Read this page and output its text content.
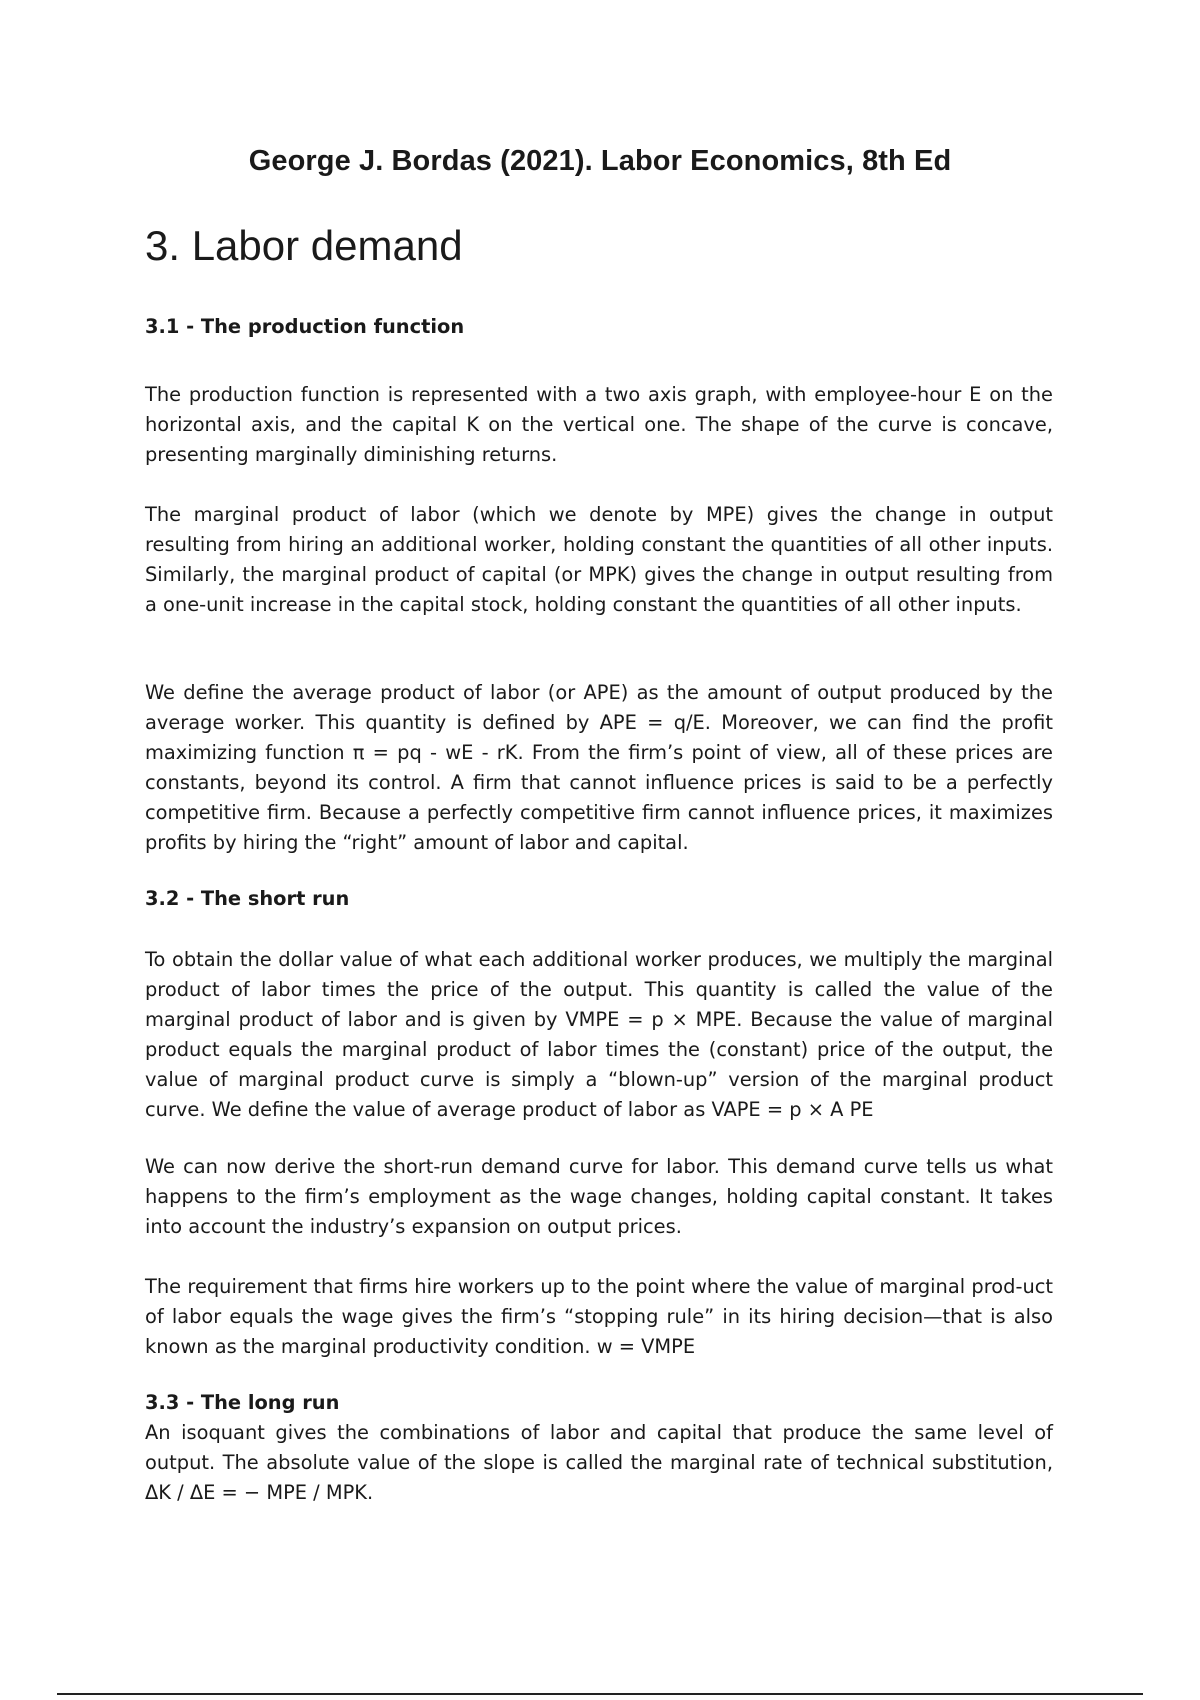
George J. Bordas (2021). Labor Economics, 8th Ed
3. Labor demand
3.1 - The production function

The production function is represented with a two axis graph, with employee-hour E on the horizontal axis, and the capital K on the vertical one. The shape of the curve is concave, presenting marginally diminishing returns.

The marginal product of labor (which we denote by MPE) gives the change in output resulting from hiring an additional worker, holding constant the quantities of all other inputs. Similarly, the marginal product of capital (or MPK) gives the change in output resulting from a one-unit increase in the capital stock, holding constant the quantities of all other inputs.

We define the average product of labor (or APE) as the amount of output produced by the average worker. This quantity is defined by APE = q/E. Moreover, we can find the profit maximizing function π = pq - wE - rK. From the firm’s point of view, all of these prices are constants, beyond its control. A firm that cannot influence prices is said to be a perfectly competitive firm. Because a perfectly competitive firm cannot influence prices, it maximizes profits by hiring the “right” amount of labor and capital.

3.2 - The short run

To obtain the dollar value of what each additional worker produces, we multiply the marginal product of labor times the price of the output. This quantity is called the value of the marginal product of labor and is given by VMPE = p × MPE. Because the value of marginal product equals the marginal product of labor times the (constant) price of the output, the value of marginal product curve is simply a “blown-up” version of the marginal product curve. We define the value of average product of labor as VAPE = p × A PE

We can now derive the short-run demand curve for labor. This demand curve tells us what happens to the firm’s employment as the wage changes, holding capital constant. It takes into account the industry’s expansion on output prices.

The requirement that firms hire workers up to the point where the value of marginal prod-uct of labor equals the wage gives the firm’s “stopping rule” in its hiring decision—that is also known as the marginal productivity condition. w = VMPE

3.3 - The long run

An isoquant gives the combinations of labor and capital that produce the same level of output. The absolute value of the slope is called the marginal rate of technical substitution, ΔK / ΔE = − MPE / MPK.
